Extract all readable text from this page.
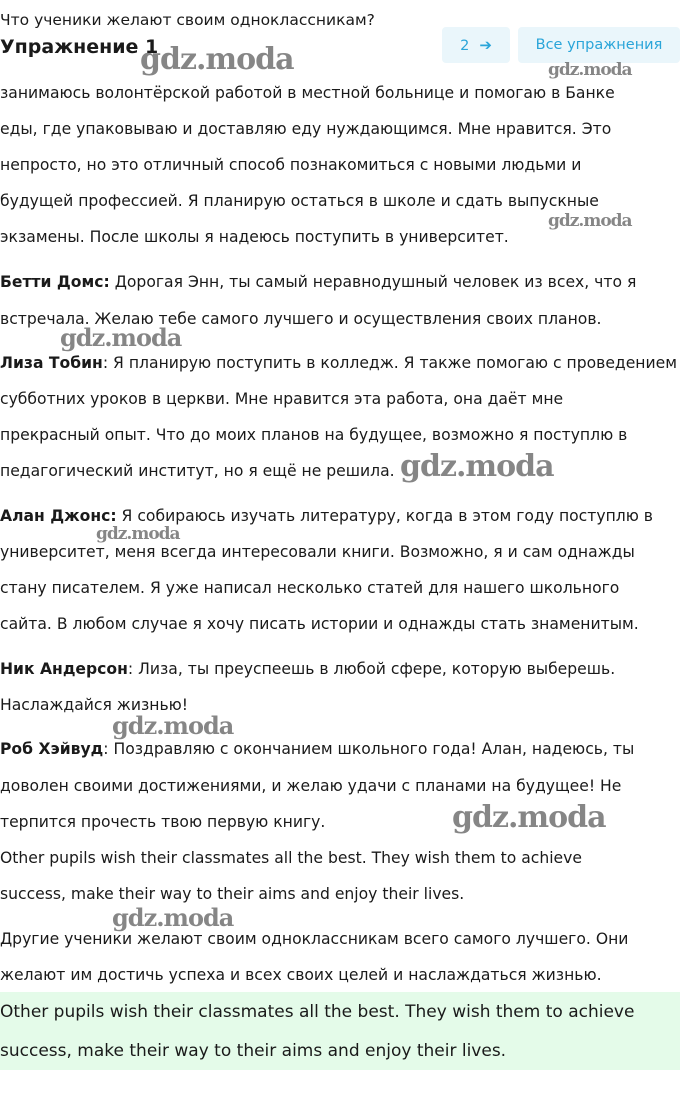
Что ученики желают своим одноклассникам?
Упражнение 1	2 ➔	Все упражнения
занимаюсь волонтёрской работой в местной больнице и помогаю в Банке
еды, где упаковываю и доставляю еду нуждающимся. Мне нравится. Это
непросто, но это отличный способ познакомиться с новыми людьми и
будущей профессией. Я планирую остаться в школе и сдать выпускные
экзамены. После школы я надеюсь поступить в университет.
Бетти Домс: Дорогая Энн, ты самый неравнодушный человек из всех, что я
встречала. Желаю тебе самого лучшего и осуществления своих планов.
Лиза Тобин: Я планирую поступить в колледж. Я также помогаю с проведением
субботних уроков в церкви. Мне нравится эта работа, она даёт мне
прекрасный опыт. Что до моих планов на будущее, возможно я поступлю в
педагогический институт, но я ещё не решила.
Алан Джонс: Я собираюсь изучать литературу, когда в этом году поступлю в
университет, меня всегда интересовали книги. Возможно, я и сам однажды
стану писателем. Я уже написал несколько статей для нашего школьного
сайта. В любом случае я хочу писать истории и однажды стать знаменитым.
Ник Андерсон: Лиза, ты преуспеешь в любой сфере, которую выберешь.
Наслаждайся жизнью!
Роб Хэйвуд: Поздравляю с окончанием школьного года! Алан, надеюсь, ты
доволен своими достижениями, и желаю удачи с планами на будущее! Не
терпится прочесть твою первую книгу.
Other pupils wish their classmates all the best. They wish them to achieve
success, make their way to their aims and enjoy their lives.
Другие ученики желают своим одноклассникам всего самого лучшего. Они
желают им достичь успеха и всех своих целей и наслаждаться жизнью.
Other pupils wish their classmates all the best. They wish them to achieve
success, make their way to their aims and enjoy their lives.
gdz.moda	gdz.moda
gdz.moda
gdz.moda
gdz.moda
gdz.moda
gdz.moda
gdz.moda
gdz.moda
